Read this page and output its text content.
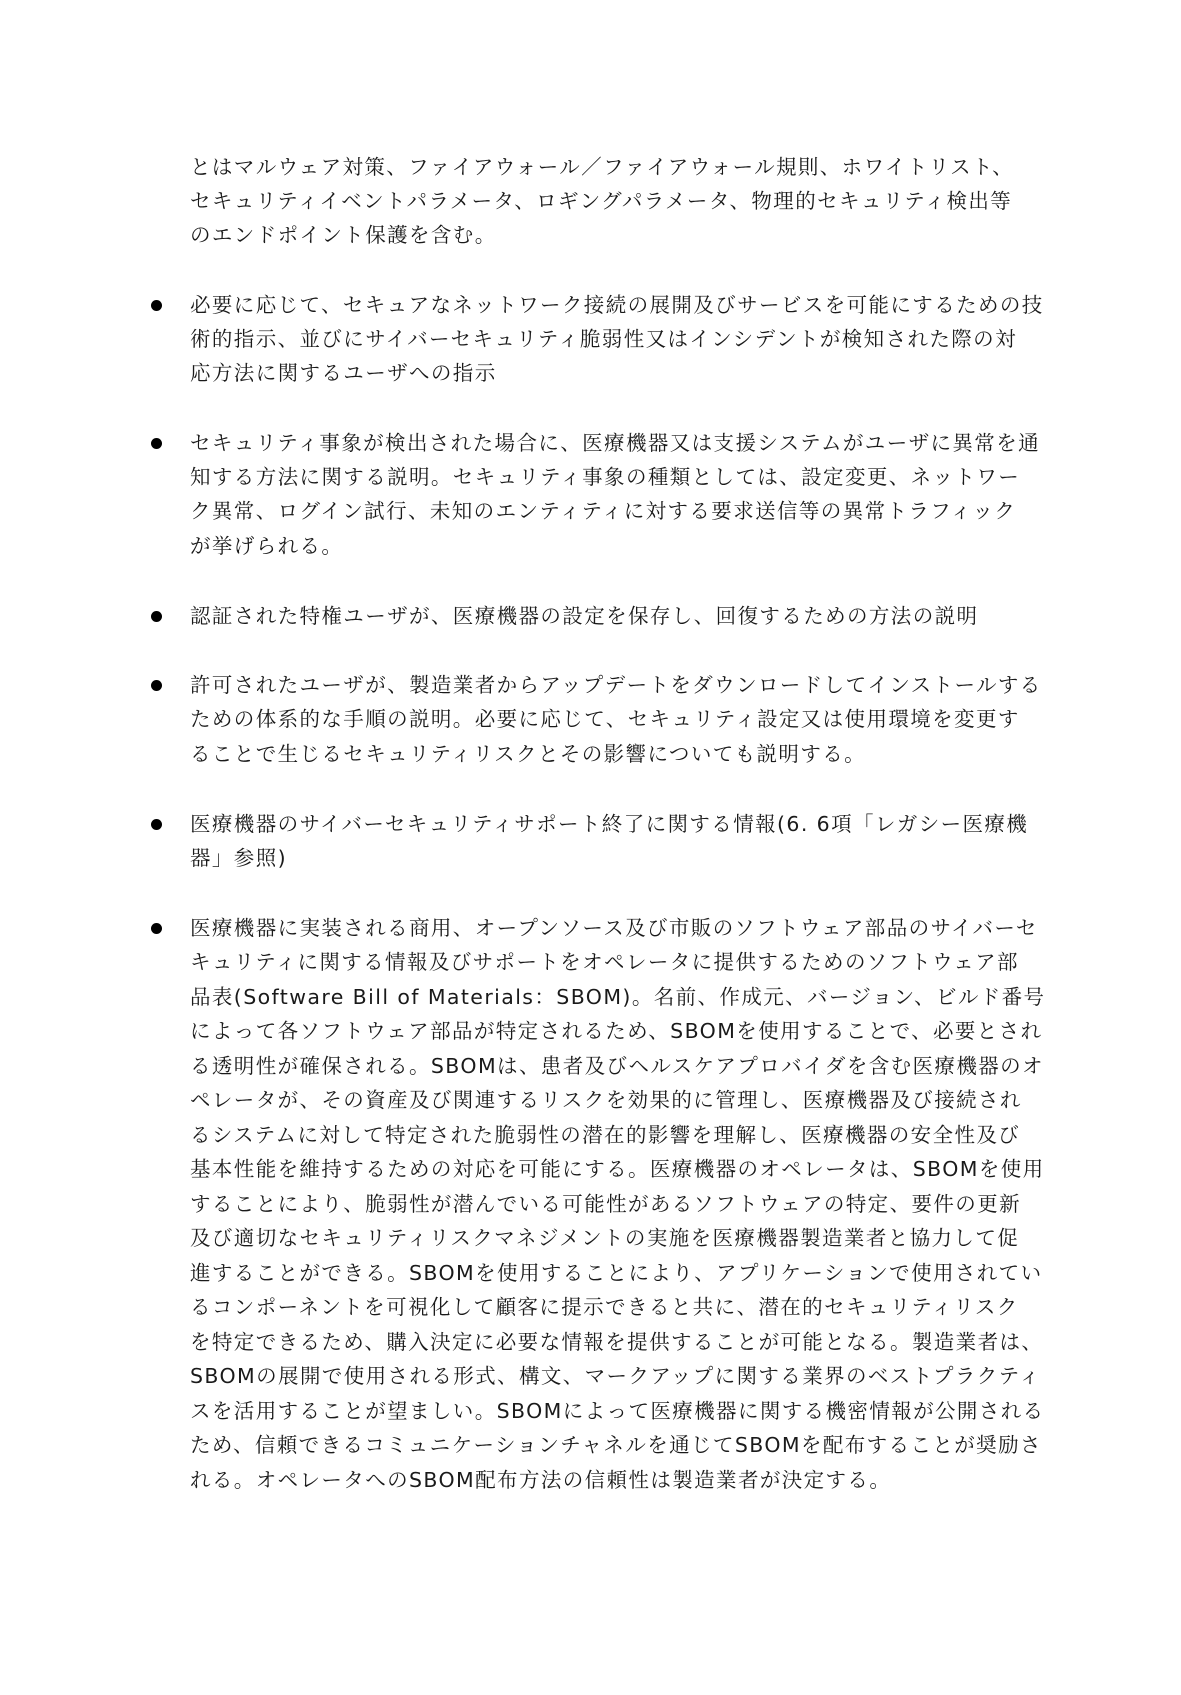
とはマルウェア対策、ファイアウォール／ファイアウォール規則、ホワイトリスト、
セキュリティイベントパラメータ、ロギングパラメータ、物理的セキュリティ検出等
のエンドポイント保護を含む。
必要に応じて、セキュアなネットワーク接続の展開及びサービスを可能にするための技
術的指示、並びにサイバーセキュリティ脆弱性又はインシデントが検知された際の対
応方法に関するユーザへの指示
セキュリティ事象が検出された場合に、医療機器又は支援システムがユーザに異常を通
知する方法に関する説明。セキュリティ事象の種類としては、設定変更、ネットワー
ク異常、ログイン試行、未知のエンティティに対する要求送信等の異常トラフィック
が挙げられる。
認証された特権ユーザが、医療機器の設定を保存し、回復するための方法の説明
許可されたユーザが、製造業者からアップデートをダウンロードしてインストールする
ための体系的な手順の説明。必要に応じて、セキュリティ設定又は使用環境を変更す
ることで生じるセキュリティリスクとその影響についても説明する。
医療機器のサイバーセキュリティサポート終了に関する情報(6. 6項「レガシー医療機
器」参照)
医療機器に実装される商用、オープンソース及び市販のソフトウェア部品のサイバーセ
キュリティに関する情報及びサポートをオペレータに提供するためのソフトウェア部
品表(Software Bill of Materials：SBOM)。名前、作成元、バージョン、ビルド番号
によって各ソフトウェア部品が特定されるため、SBOMを使用することで、必要とされ
る透明性が確保される。SBOMは、患者及びヘルスケアプロバイダを含む医療機器のオ
ペレータが、その資産及び関連するリスクを効果的に管理し、医療機器及び接続され
るシステムに対して特定された脆弱性の潜在的影響を理解し、医療機器の安全性及び
基本性能を維持するための対応を可能にする。医療機器のオペレータは、SBOMを使用
することにより、脆弱性が潜んでいる可能性があるソフトウェアの特定、要件の更新
及び適切なセキュリティリスクマネジメントの実施を医療機器製造業者と協力して促
進することができる。SBOMを使用することにより、アプリケーションで使用されてい
るコンポーネントを可視化して顧客に提示できると共に、潜在的セキュリティリスク
を特定できるため、購入決定に必要な情報を提供することが可能となる。製造業者は、
SBOMの展開で使用される形式、構文、マークアップに関する業界のベストプラクティ
スを活用することが望ましい。SBOMによって医療機器に関する機密情報が公開される
ため、信頼できるコミュニケーションチャネルを通じてSBOMを配布することが奨励さ
れる。オペレータへのSBOM配布方法の信頼性は製造業者が決定する。
